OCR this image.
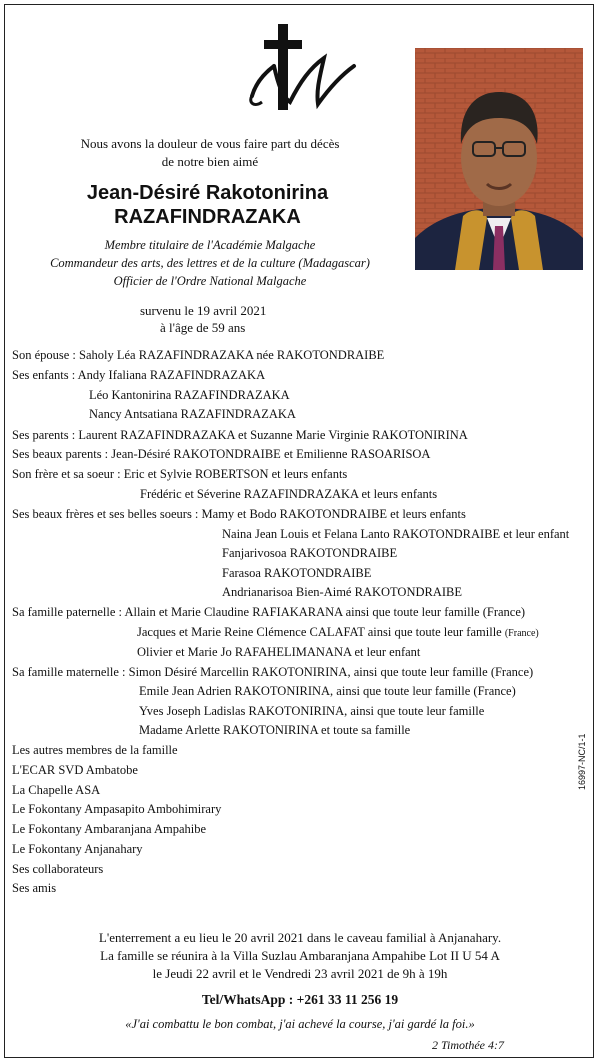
Nous avons la douleur de vous faire part du décès
de notre bien aimé
Jean-Désiré Rakotonirina
RAZAFINDRAZAKA
Membre titulaire de l'Académie Malgache
Commandeur des arts, des lettres et de la culture (Madagascar)
Officier de l'Ordre National Malgache
survenu le 19 avril 2021
à l'âge de 59 ans
Son épouse : Saholy Léa RAZAFINDRAZAKA née RAKOTONDRAIBE
Ses enfants : Andy Ifaliana RAZAFINDRAZAKA
Léo Kantonirina RAZAFINDRAZAKA
Nancy Antsatiana RAZAFINDRAZAKA
Ses parents : Laurent RAZAFINDRAZAKA et Suzanne Marie Virginie RAKOTONIRINA
Ses beaux parents : Jean-Désiré RAKOTONDRAIBE et Emilienne RASOARISOA
Son frère et sa soeur : Eric et Sylvie ROBERTSON et leurs enfants
Frédéric et Séverine RAZAFINDRAZAKA et leurs enfants
Ses beaux frères et ses belles soeurs : Mamy et Bodo RAKOTONDRAIBE et leurs enfants
Naina Jean Louis et Felana Lanto RAKOTONDRAIBE et leur enfant
Fanjarivosoa RAKOTONDRAIBE
Farasoa RAKOTONDRAIBE
Andrianarisoa Bien-Aimé RAKOTONDRAIBE
Sa famille paternelle : Allain et Marie Claudine RAFIAKARANA ainsi que toute leur famille (France)
Jacques et Marie Reine Clémence CALAFAT ainsi que toute leur famille (France)
Olivier et Marie Jo RAFAHELIMANANA et leur enfant
Sa famille maternelle : Simon Désiré Marcellin RAKOTONIRINA, ainsi que toute leur famille (France)
Emile Jean Adrien RAKOTONIRINA, ainsi que toute leur famille (France)
Yves Joseph Ladislas RAKOTONIRINA, ainsi que toute leur famille
Madame Arlette RAKOTONIRINA et toute sa famille
Les autres membres de la famille
L'ECAR SVD Ambatobe
La Chapelle ASA
Le Fokontany Ampasapito Ambohimirary
Le Fokontany Ambaranjana Ampahibe
Le Fokontany Anjanahary
Ses collaborateurs
Ses amis
16997-NC/1-1
L'enterrement a eu lieu le 20 avril 2021 dans le caveau familial à Anjanahary.
La famille se réunira à la Villa Suzlau Ambaranjana Ampahibe Lot II U 54 A
le Jeudi 22 avril et le Vendredi 23 avril 2021 de 9h à 19h
Tel/WhatsApp : +261 33 11 256 19
«J'ai combattu le bon combat, j'ai achevé la course, j'ai gardé la foi.»
2 Timothée 4:7
